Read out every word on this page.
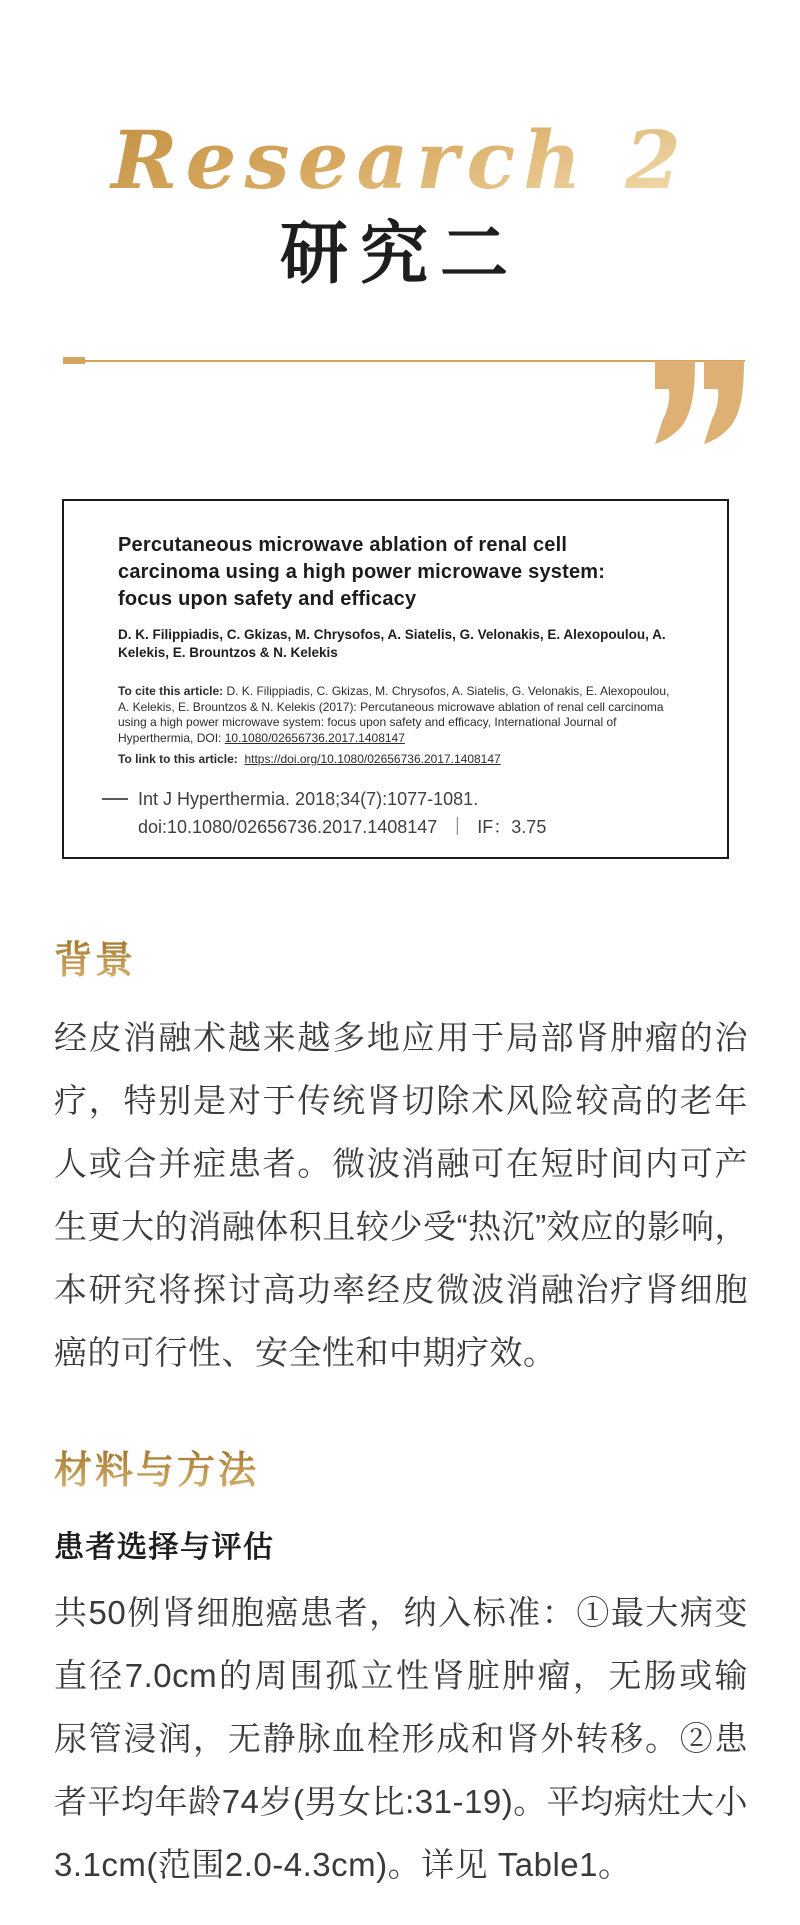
Research 2
研究二
Percutaneous microwave ablation of renal cell carcinoma using a high power microwave system: focus upon safety and efficacy

D. K. Filippiadis, C. Gkizas, M. Chrysofos, A. Siatelis, G. Velonakis, E. Alexopoulou, A. Kelekis, E. Brountzos & N. Kelekis

To cite this article: D. K. Filippiadis, C. Gkizas, M. Chrysofos, A. Siatelis, G. Velonakis, E. Alexopoulou, A. Kelekis, E. Brountzos & N. Kelekis (2017): Percutaneous microwave ablation of renal cell carcinoma using a high power microwave system: focus upon safety and efficacy, International Journal of Hyperthermia, DOI: 10.1080/02656736.2017.1408147

To link to this article: https://doi.org/10.1080/02656736.2017.1408147

Int J Hyperthermia. 2018;34(7):1077-1081.
doi:10.1080/02656736.2017.1408147 ｜ IF：3.75
背景

经皮消融术越来越多地应用于局部肾肿瘤的治疗，特别是对于传统肾切除术风险较高的老年人或合并症患者。微波消融可在短时间内可产生更大的消融体积且较少受“热沉”效应的影响，本研究将探讨高功率经皮微波消融治疗肾细胞癌的可行性、安全性和中期疗效。

材料与方法
患者选择与评估

共50例肾细胞癌患者，纳入标准：①最大病变直径7.0cm的周围孤立性肾脏肿瘤，无肠或输尿管浸润，无静脉血栓形成和肾外转移。②患者平均年龄74岁(男女比:31-19)。平均病灶大小3.1cm(范围2.0-4.3cm)。详见 Table1。
